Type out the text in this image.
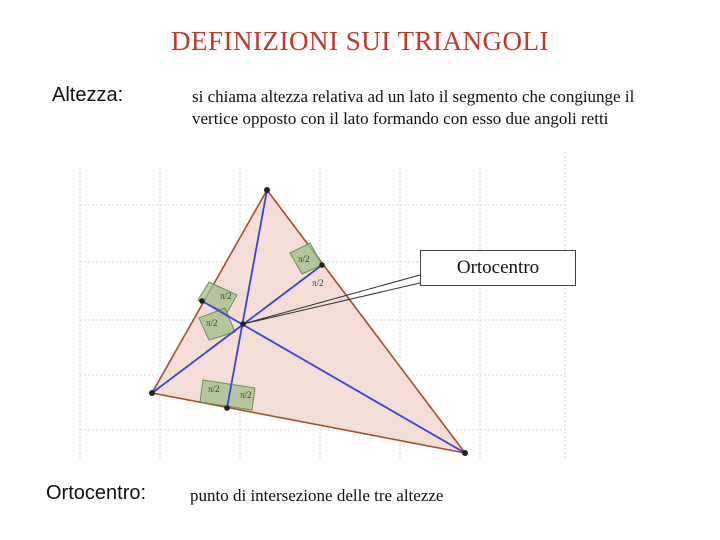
DEFINIZIONI SUI TRIANGOLI
Altezza:	si chiama altezza relativa ad un lato il segmento che congiunge il vertice opposto con il lato formando con esso due angoli retti
π/2
π/2
π/2
π/2
π/2
π/2
Ortocentro
Ortocentro:	punto di intersezione delle tre altezze
